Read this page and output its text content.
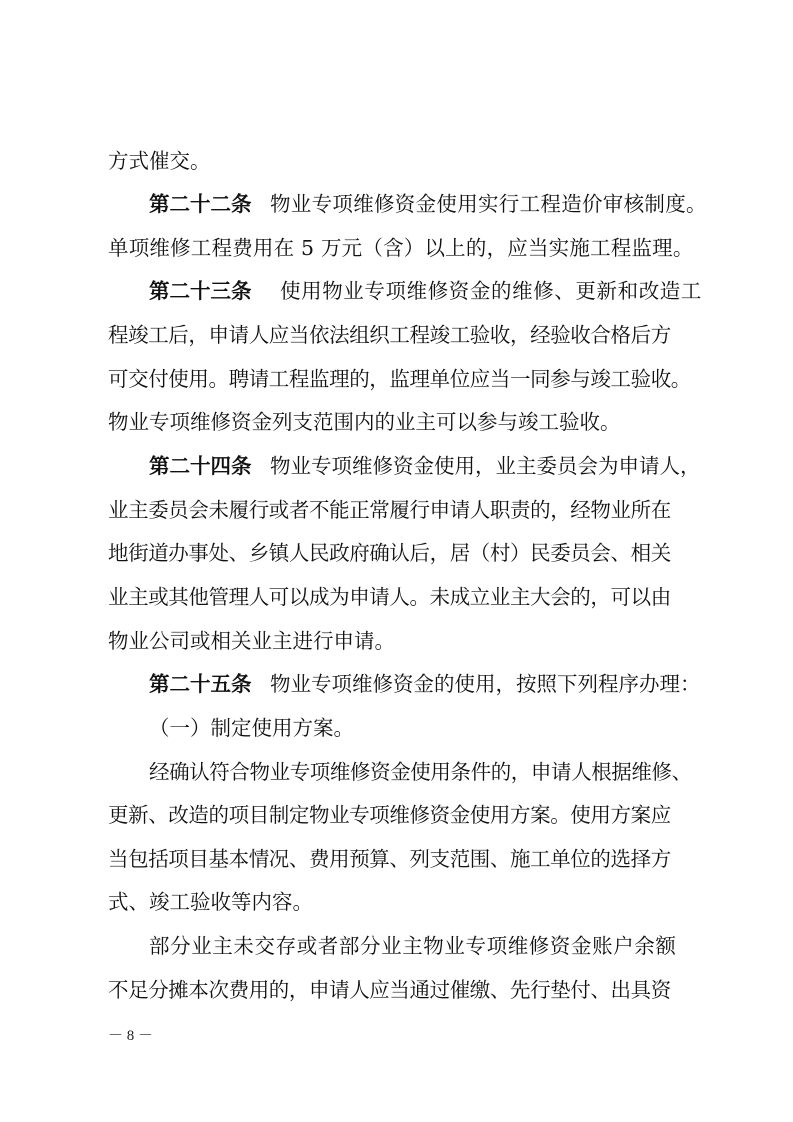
方式催交。
第二十二条 物业专项维修资金使用实行工程造价审核制度。
单项维修工程费用在 5 万元（含）以上的，应当实施工程监理。
第二十三条 使用物业专项维修资金的维修、更新和改造工
程竣工后，申请人应当依法组织工程竣工验收，经验收合格后方
可交付使用。聘请工程监理的，监理单位应当一同参与竣工验收。
物业专项维修资金列支范围内的业主可以参与竣工验收。
第二十四条 物业专项维修资金使用，业主委员会为申请人，
业主委员会未履行或者不能正常履行申请人职责的，经物业所在
地街道办事处、乡镇人民政府确认后，居（村）民委员会、相关
业主或其他管理人可以成为申请人。未成立业主大会的，可以由
物业公司或相关业主进行申请。
第二十五条 物业专项维修资金的使用，按照下列程序办理：
（一）制定使用方案。
经确认符合物业专项维修资金使用条件的，申请人根据维修、
更新、改造的项目制定物业专项维修资金使用方案。使用方案应
当包括项目基本情况、费用预算、列支范围、施工单位的选择方
式、竣工验收等内容。
部分业主未交存或者部分业主物业专项维修资金账户余额
不足分摊本次费用的，申请人应当通过催缴、先行垫付、出具资
－ 8 －
